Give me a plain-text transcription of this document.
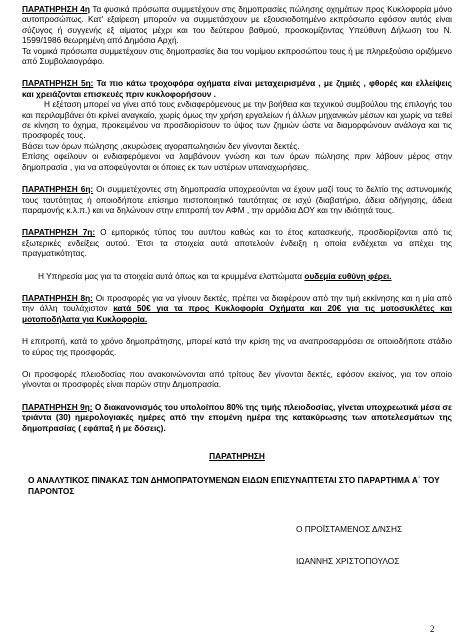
ΠΑΡΑΤΗΡΗΣΗ 4η Τα φυσικά πρόσωπα συμμετέχουν στις δημοπρασίες πώλησης οχημάτων προς Κυκλοφορία μόνο αυτοπροσώπως. Κατ' εξαίρεση μπορούν να συμμετάσχουν με εξουσιοδοτημένο εκπρόσωπο εφόσον αυτός είναι σύζυγος ή συγγενής εξ αίματος μέχρι και του δεύτερου βαθμού, προσκομίζοντας Υπεύθυνη Δήλωση του Ν. 1599/1986 θεωρημένη από Δημόσια Αρχή.

Τα νομικά πρόσωπα συμμετέχουν στις δημοπρασίες δια του νομίμου εκπροσώπου τους ή με πληρεξούσιο οριζόμενο από Συμβολαιογράφο.

ΠΑΡΑΤΗΡΗΣΗ 5η: Τα πιο κάτω τροχοφόρα οχήματα είναι μεταχειρισμένα , με ζημιές , φθορές και ελλείψεις και χρειάζονται επισκευές πριν κυκλοφορήσουν .

Η εξέταση μπορεί να γίνει από τους ενδιαφερόμενους με την βοήθεια και τεχνικού συμβούλου της επιλογής του και περιλαμβάνει ότι κρίνεί αναγκαίο, χωρίς όμως την χρήση εργαλείων ή άλλων μηχανικών μέσων και χωρίς να τεθεί σε κίνηση το όχημα, προκειμένου να προσδιορίσουν το ύψος των ζημιών ώστε να διαμορφώνουν ανάλογα και τις προσφορές τους.

Βάσει των όρων πώλησης ,ακυρώσεις αγοραπωλησιών δεν γίνονται δεκτές.

Επίσης οφείλουν οι ενδιαφερόμενοι να λαμβάνουν γνώση και των όρων πώλησης πριν λάβουν μέρος στην δημοπρασία , για να αποφεύγονται οι όποιες εκ των υστέρων υπαναχωρήσεις.

ΠΑΡΑΤΗΡΗΣΗ 6η: Οι συμμετέχοντες στη δημοπρασία υποχρεούνται να έχουν μαζί τους το δελτίο της αστυνομικής τους ταυτότητας ή οποιοδήποτε επίσημο πιστοποιητικό ταυτότητας σε ισχύ (διαβατήριο, άδεια οδήγησης, άδεια παραμονής κ.λ.π.) και να δηλώνουν στην επιτροπή τον ΑΦΜ , την αρμόδια ΔΟΥ και την ιδιότητά τους.

ΠΑΡΑΤΗΡΗΣΗ 7η: Ο εμπορικός τύπος του αυτ/του καθώς και το έτος κατασκευής, προσδιορίζονται από τις εξωτερικές ενδείξεις αυτού. Έτσι τα στοιχεία αυτά αποτελούν ένδειξη η οποία ενδέχεται να απέχει της πραγματικότητας.

Η Υπηρεσία μας για τα στοιχεία αυτά όπως και τα κρυμμένα ελαττώματα ουδεμία ευθύνη φέρει.

ΠΑΡΑΤΗΡΗΣΗ 8η: Οι προσφορές για να γίνουν δεκτές, πρέπει να διαφέρουν από την τιμή εκκίνησης και η μία από την άλλη τουλάχιστον κατά 50€ για τα προς Κυκλοφορία Οχήματα και 20€ για τις μοτοσυκλέτες και μοτοποδήλατα για Κυκλοφορία.

Η επιτροπή, κατά το χρόνο δημοπράτησης, μπορεί κατά την κρίση της να αναπροσαρμόσει σε οποιοδήποτε στάδιο το εύρος της προσφοράς.

Οι προσφορές πλειοδοσίας που ανακοινώνονται από τρίτους δεν γίνονται δεκτές, εφόσον εκείνος, για τον οποίο γίνονται οι προσφορές είναι παρών στην Δημοπρασία.

ΠΑΡΑΤΗΡΗΣΗ 9η: Ο διακανονισμός του υπολοίπου 80% της τιμής πλειοδοσίας, γίνεται υποχρεωτικά μέσα σε τριάντα (30) ημερολογιακές ημέρες από την επομένη ημέρα της κατακύρωσης των αποτελεσμάτων της δημοπρασίας ( εφάπαξ ή με δόσεις).

ΠΑΡΑΤΗΡΗΣΗ

Ο ΑΝΑΛΥΤΙΚΟΣ ΠΙΝΑΚΑΣ ΤΩΝ ΔΗΜΟΠΡΑΤΟΥΜΕΝΩΝ ΕΙΔΩΝ ΕΠΙΣΥΝΑΠΤΕΤΑΙ ΣΤΟ ΠΑΡΑΡΤΗΜΑ Α΄ ΤΟΥ ΠΑΡΟΝΤΟΣ

Ο ΠΡΟΪΣΤΑΜΕΝΟΣ Δ/ΝΣΗΣ
ΙΩΑΝΝΗΣ ΧΡΙΣΤΟΠΟΥΛΟΣ
2
